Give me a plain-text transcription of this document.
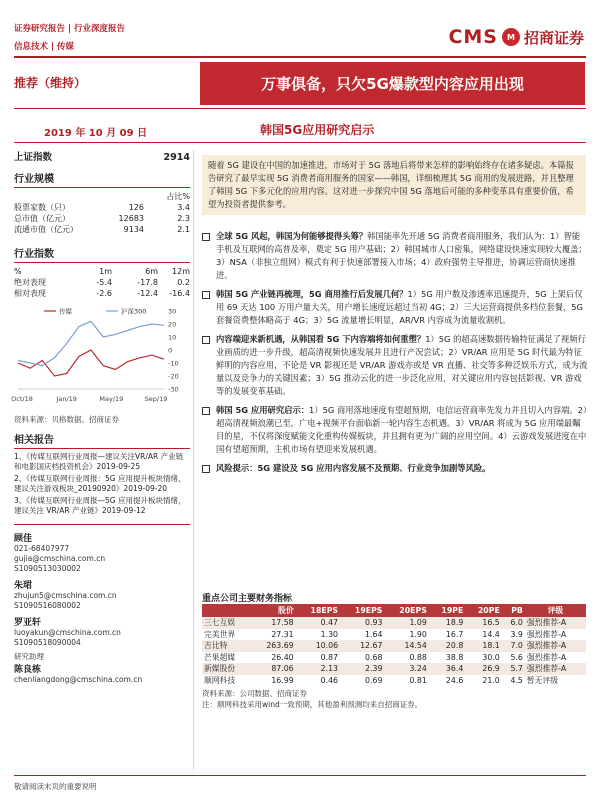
证券研究报告 | 行业深度报告
信息技术 | 传媒	CMS	M 招商证券
推荐（维持）	万事俱备，只欠5G爆款型内容应用出现
2019 年 10 月 09 日	韩国5G应用研究启示
上证指数	2914
行业规模
占比%
股票家数（只）	126	3.4
总市值（亿元）	12683	2.3
流通市值（亿元）	9134	2.1
行业指数
%	1m	6m	12m
绝对表现	-5.4	-17.8	0.2
相对表现	-2.6	-12.4	-16.4
30
20
10
0
-10
-20
-30
Oct/18	Jan/19	May/19	Sep/19
传媒	沪深300
资料来源：贝格数据、招商证券
相关报告
1、《传媒互联网行业周报—建议关注VR/AR 产业链和电影国庆档投资机会》2019-09-25
2、《传媒互联网行业周报：5G 应用提升板块情绪，建议关注游戏板块_20190920》2019-09-20
3、《传媒互联网行业周报—5G 应用提升板块情绪，建议关注 VR/AR 产业链》2019-09-12
顾佳
021-68407977
gujia@cmschina.com.cn
S1090513030002
朱珺
zhujun5@cmschina.com.cn
S1090516080002
罗亚轩
luoyakun@cmschina.com.cn
S1090518090004
研究助理
陈良栋
chenliangdong@cmschina.com.cn
随着 5G 建设在中国的加速推进，市场对于 5G 落地后将带来怎样的影响始终存在诸多疑虑。本篇报告研究了最早实现 5G 消费者商用服务的国家——韩国，详细梳理其 5G 商用的发展进路，并且整理了韩国 5G 下多元化的应用内容。这对进一步探究中国 5G 落地后可能的多种变革具有重要价值，希望为投资者提供参考。
全球 5G 风起，韩国为何能够提得头筹？韩国能率先开通 5G 消费者商用服务，我们认为：1）智能手机及互联网的高普及率，奠定 5G 用户基础；2）韩国城市人口密集，网络建设快速实现较大覆盖；3）NSA（非独立组网）模式有利于快速部署接入市场；4）政府强势主导推进，协调运营商快速推进。
韩国 5G 产业链再梳理，5G 商用推行后发展几何？1）5G 用户数及渗透率迅速提升，5G 上架后仅用 69 天达 100 万用户量大关，用户增长速度远超过当初 4G；2）三大运营商提供多档位套餐，5G 套餐资费整体略高于 4G；3）5G 流量增长明显，AR/VR 内容成为流量收割机。
内容端迎来新机遇，从韩国看 5G 下内容端将如何重塑？1）5G 的超高速数据传输特征满足了视频行业画质的进一步升级，超高清视频快速发展并且进行产况尝试；2）VR/AR 应用是 5G 时代最为特征鲜明的内容应用，不论是 VR 影视还是 VR/AR 游戏亦或是 VR 直播、社交等多种泛娱乐方式，成为流量以及竞争力的关键因素；3）5G 推动云化的进一步泛化应用，对关键应用内容包括影视、VR 游戏等的发展变革基础。
韩国 5G 应用研究启示：1）5G 商用落地速度有望超预期，电信运营商率先发力并且切入内容端。2）超高清视频浪潮已至，广电+视频平台面临新一轮内容生态机遇。3）VR/AR 将成为 5G 应用端最瞩目的星，不仅将深度赋能文化重构传媒板块，并且拥有更为广阔的应用空间。4）云游戏发展进度在中国有望超预期，主机市场有望迎来发展机遇。
风险提示：5G 建设及 5G 应用内容发展不及预期、行业竞争加剧等风险。
重点公司主要财务指标
	股价	18EPS	19EPS	20EPS	19PE	20PE	PB	评级
三七互娱	17.58	0.47	0.93	1.09	18.9	16.5	6.0	强烈推荐-A
完美世界	27.31	1.30	1.64	1.90	16.7	14.4	3.9	强烈推荐-A
吉比特	263.69	10.06	12.67	14.54	20.8	18.1	7.0	强烈推荐-A
芒果超媒	26.40	0.87	0.68	0.88	38.8	30.0	5.6	强烈推荐-A
新媒股份	87.06	2.13	2.39	3.24	36.4	26.9	5.7	强烈推荐-A
顺网科技	16.99	0.46	0.69	0.81	24.6	21.0	4.5	暂无评级
资料来源：公司数据、招商证券
注：顺网科技采用wind一致预期，其他盈利预测均来自招商证券。
敬请阅读末页的重要说明
